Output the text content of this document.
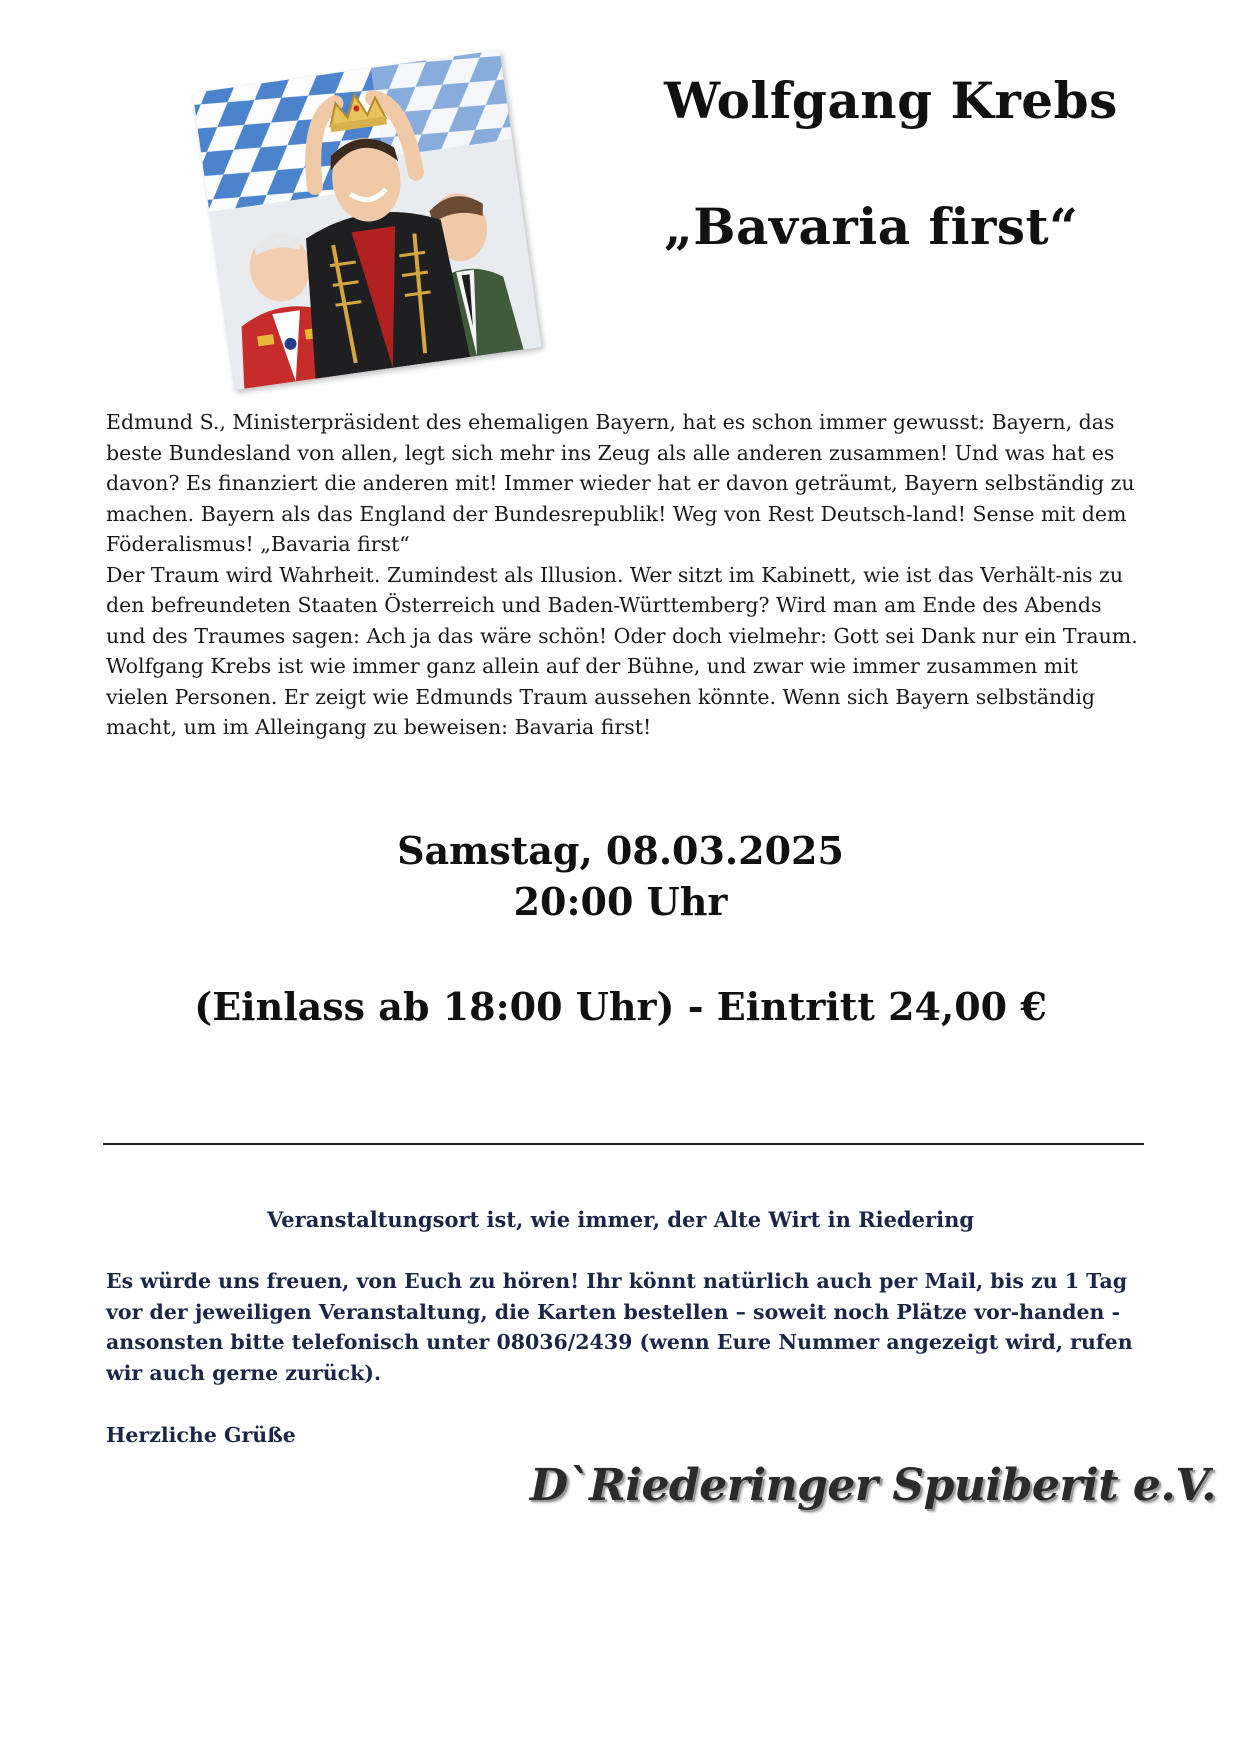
Wolfgang Krebs
„Bavaria first“

Edmund S., Ministerpräsident des ehemaligen Bayern, hat es schon immer gewusst: Bayern, das beste Bundesland von allen, legt sich mehr ins Zeug als alle anderen zusammen! Und was hat es davon? Es finanziert die anderen mit! Immer wieder hat er davon geträumt, Bayern selbständig zu machen. Bayern als das England der Bundesrepublik! Weg von Rest Deutsch-land! Sense mit dem Föderalismus! „Bavaria first“

Der Traum wird Wahrheit. Zumindest als Illusion. Wer sitzt im Kabinett, wie ist das Verhält-nis zu den befreundeten Staaten Österreich und Baden-Württemberg? Wird man am Ende des Abends und des Traumes sagen: Ach ja das wäre schön! Oder doch vielmehr: Gott sei Dank nur ein Traum.

Wolfgang Krebs ist wie immer ganz allein auf der Bühne, und zwar wie immer zusammen mit vielen Personen. Er zeigt wie Edmunds Traum aussehen könnte. Wenn sich Bayern selbständig macht, um im Alleingang zu beweisen: Bavaria first!

Samstag, 08.03.2025

20:00 Uhr

(Einlass ab 18:00 Uhr) - Eintritt 24,00 €

Veranstaltungsort ist, wie immer, der Alte Wirt in Riedering

Es würde uns freuen, von Euch zu hören! Ihr könnt natürlich auch per Mail, bis zu 1 Tag vor der jeweiligen Veranstaltung, die Karten bestellen – soweit noch Plätze vor-handen - ansonsten bitte telefonisch unter 08036/2439 (wenn Eure Nummer angezeigt wird, rufen wir auch gerne zurück).

Herzliche Grüße

D`Riederinger Spuiberit e.V.
